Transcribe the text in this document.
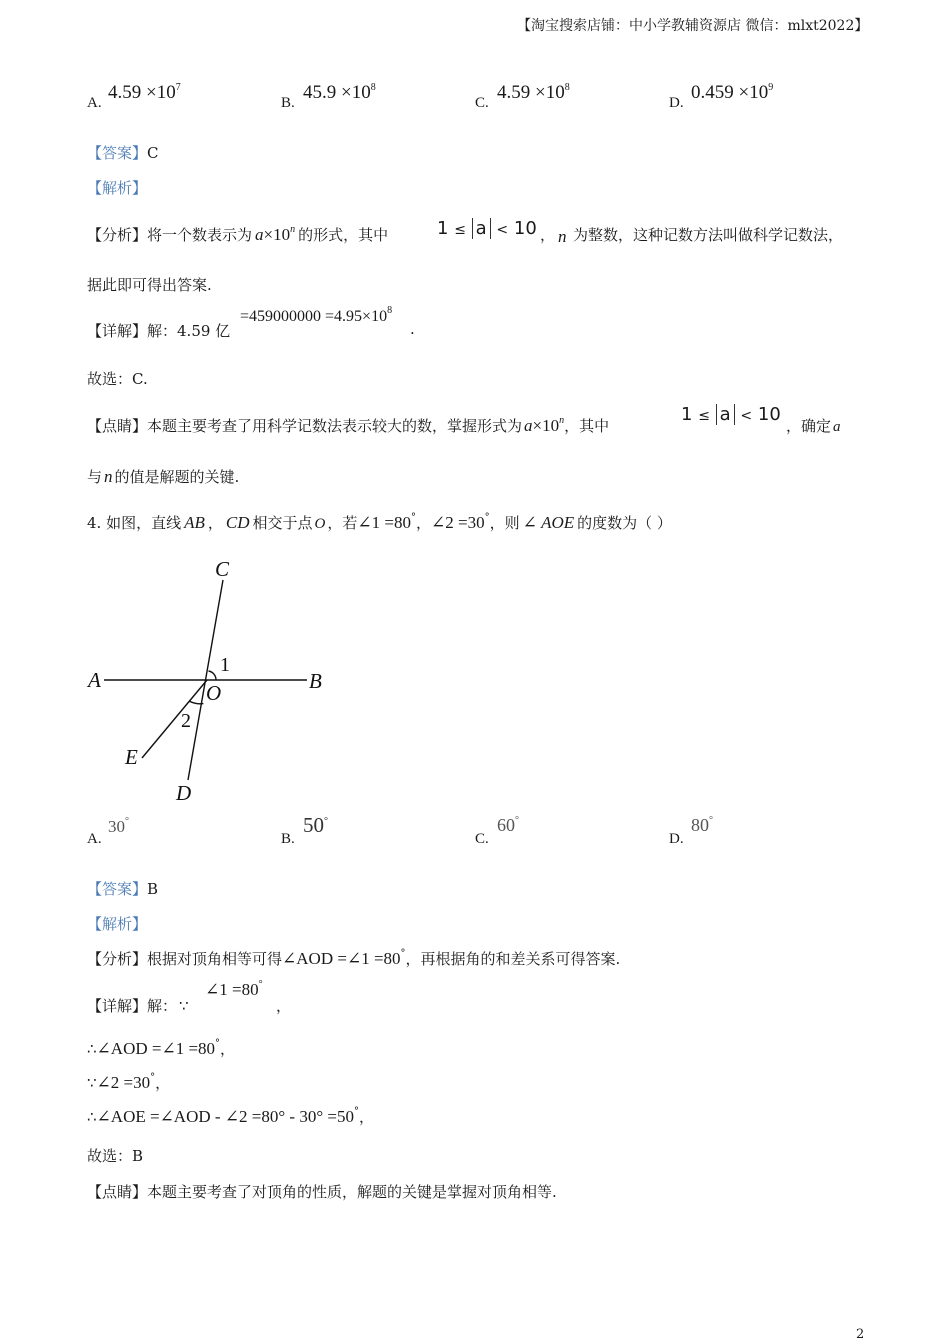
【淘宝搜索店铺：中小学教辅资源店 微信：mlxt2022】
A. $4.59 \times 10^7$
B. $45.9 \times 10^8$
C. $4.59 \times 10^8$
D. $0.459 \times 10^9$
【答案】C
【解析】
【分析】将一个数表示为 $a\times 10^n$ 的形式，其中	1 ≤ a < 10 ， n 为整数，这种记数方法叫做科学记数法，
据此即可得出答案.
【详解】解：4.59 亿
$=459000000 =4.95\times 10^8$
.
故选：C.
【点睛】本题主要考查了用科学记数法表示较大的数，掌握形式为 $a\times 10^n$，其中
1 ≤ a < 10
，确定 a
与 n 的值是解题的关键.
4. 如图，直线 AB ， CD 相交于点 O ，若∠1 =80°，∠2 =30°，则 ∠ AOE 的度数为（ ）
C
A	B
O
E
D
1
2
A.
30°
B.
50°
C.
60°
D.
80°
【答案】B
【解析】
【分析】根据对顶角相等可得∠AOD =∠1 =80°，再根据角的和差关系可得答案.
【详解】解： ∵
∠1 =80°
，
∴∠AOD =∠1 =80°，
∵∠2 =30°，
∴∠AOE =∠AOD - ∠2 =80° - 30° =50°，
故选：B
【点睛】本题主要考查了对顶角的性质，解题的关键是掌握对顶角相等.
2
